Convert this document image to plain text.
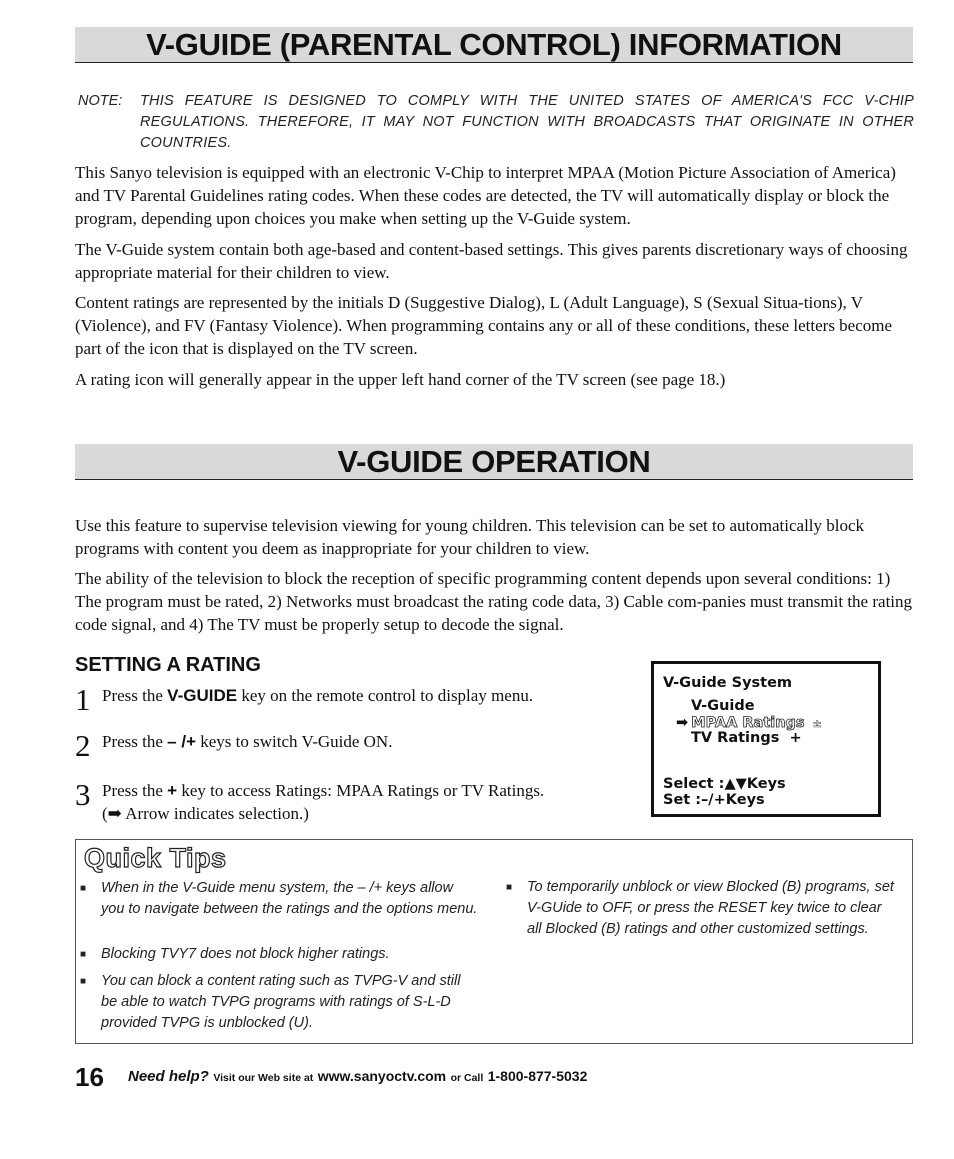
V-GUIDE (PARENTAL CONTROL) INFORMATION
NOTE: THIS FEATURE IS DESIGNED TO COMPLY WITH THE UNITED STATES OF AMERICA'S FCC V-CHIP REGULATIONS. THEREFORE, IT MAY NOT FUNCTION WITH BROADCASTS THAT ORIGINATE IN OTHER COUNTRIES.

This Sanyo television is equipped with an electronic V-Chip to interpret MPAA (Motion Picture Association of America) and TV Parental Guidelines rating codes. When these codes are detected, the TV will automatically display or block the program, depending upon choices you make when setting up the V-Guide system.

The V-Guide system contain both age-based and content-based settings. This gives parents discretionary ways of choosing appropriate material for their children to view.

Content ratings are represented by the initials D (Suggestive Dialog), L (Adult Language), S (Sexual Situa-tions), V (Violence), and FV (Fantasy Violence). When programming contains any or all of these conditions, these letters become part of the icon that is displayed on the TV screen.

A rating icon will generally appear in the upper left hand corner of the TV screen (see page 18.)

V-GUIDE OPERATION

Use this feature to supervise television viewing for young children. This television can be set to automatically block programs with content you deem as inappropriate for your children to view.

The ability of the television to block the reception of specific programming content depends upon several conditions: 1) The program must be rated, 2) Networks must broadcast the rating code data, 3) Cable com-panies must transmit the rating code signal, and 4) The TV must be properly setup to decode the signal.

SETTING A RATING
1 Press the V-GUIDE key on the remote control to display menu.
2 Press the – /+ keys to switch V-Guide ON.
3 Press the + key to access Ratings: MPAA Ratings or TV Ratings.
(➡ Arrow indicates selection.)
V-Guide System
V-Guide
➡ MPAA Ratings ±
TV Ratings +
Select :▲▼Keys
Set :–/+Keys
Quick Tips
■ When in the V-Guide menu system, the – /+ keys allow you to navigate between the ratings and the options menu.
■ Blocking TVY7 does not block higher ratings.
■ You can block a content rating such as TVPG-V and still be able to watch TVPG programs with ratings of S-L-D provided TVPG is unblocked (U).
■ To temporarily unblock or view Blocked (B) programs, set V-GUide to OFF, or press the RESET key twice to clear all Blocked (B) ratings and other customized settings.
16 Need help? Visit our Web site at www.sanyoctv.com or Call 1-800-877-5032
